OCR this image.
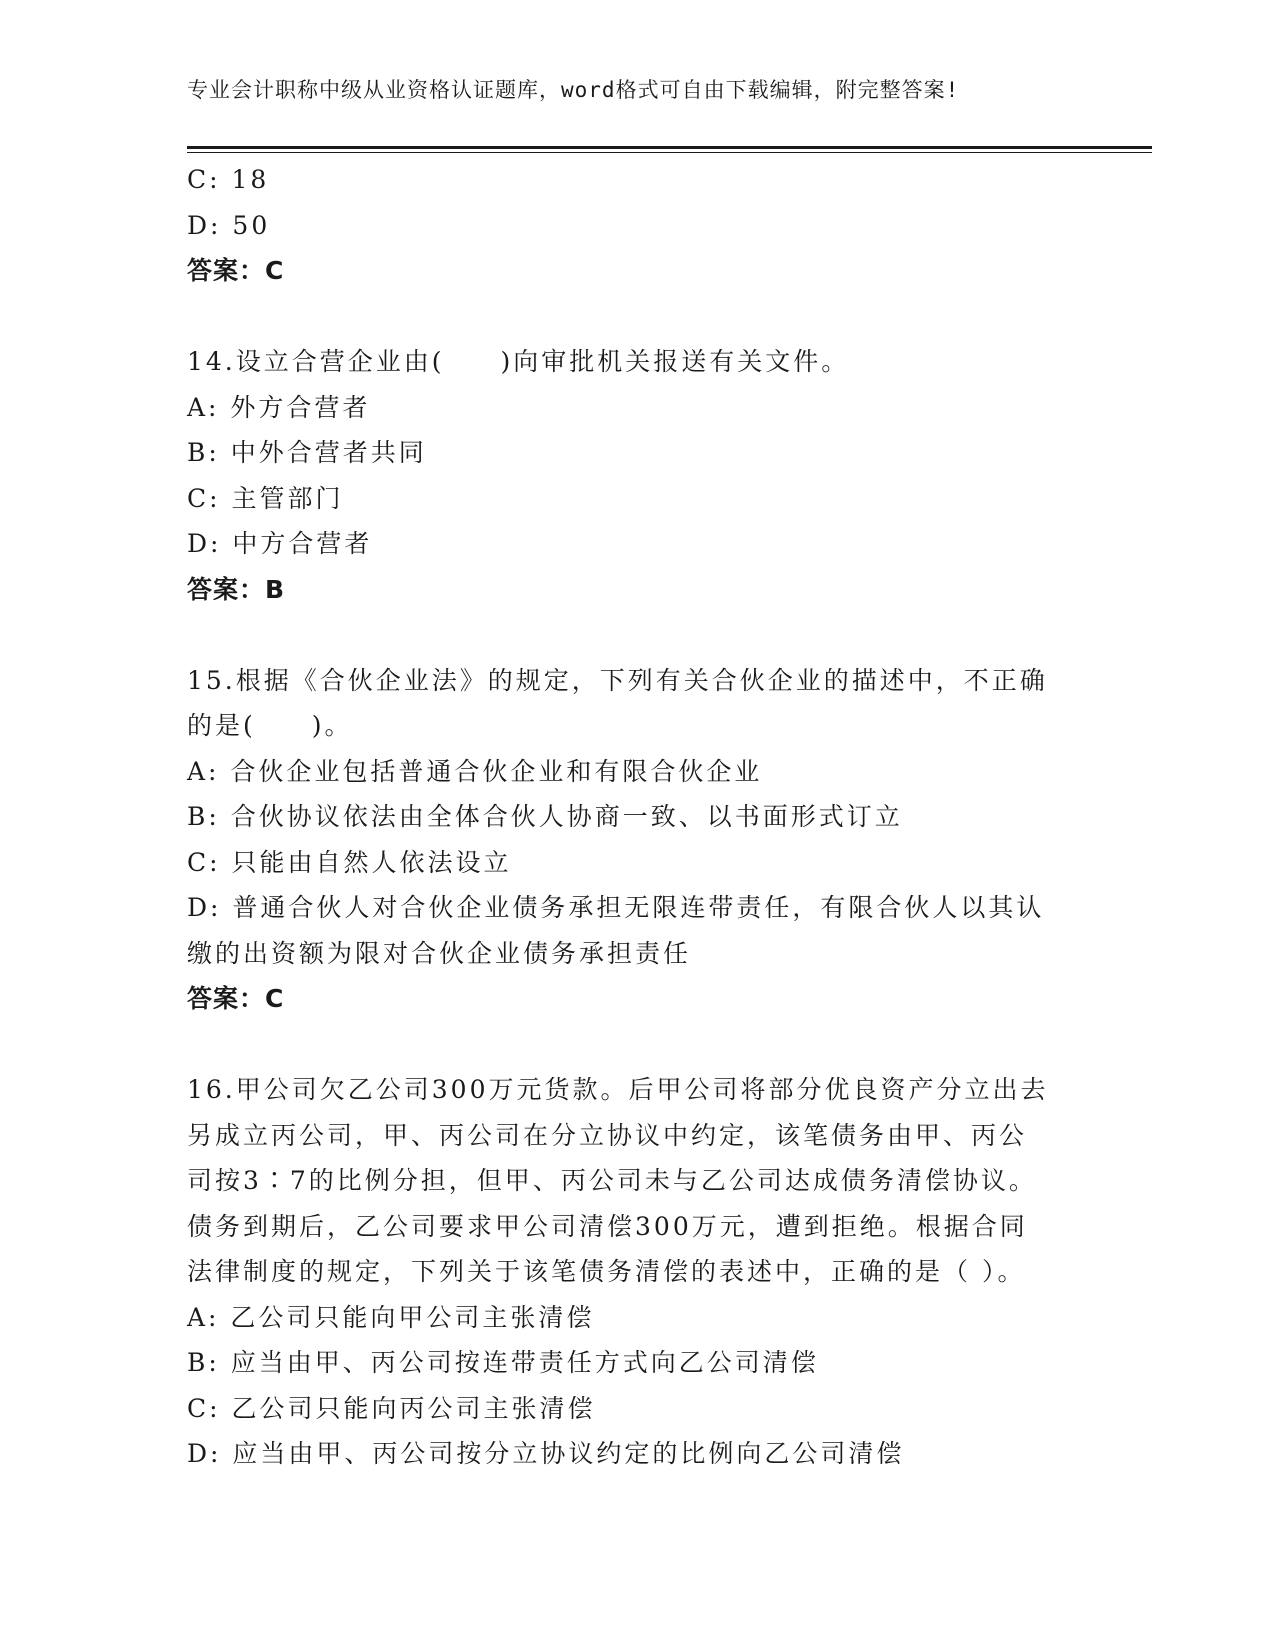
专业会计职称中级从业资格认证题库，word格式可自由下载编辑，附完整答案!

C: 18

D: 50

答案：C

14.设立合营企业由(　　)向审批机关报送有关文件。

A: 外方合营者

B: 中外合营者共同

C: 主管部门

D: 中方合营者

答案：B

15.根据《合伙企业法》的规定，下列有关合伙企业的描述中，不正确

的是(　　)。

A: 合伙企业包括普通合伙企业和有限合伙企业

B: 合伙协议依法由全体合伙人协商一致、以书面形式订立

C: 只能由自然人依法设立

D: 普通合伙人对合伙企业债务承担无限连带责任，有限合伙人以其认

缴的出资额为限对合伙企业债务承担责任

答案：C

16.甲公司欠乙公司300万元货款。后甲公司将部分优良资产分立出去

另成立丙公司，甲、丙公司在分立协议中约定，该笔债务由甲、丙公

司按3∶7的比例分担，但甲、丙公司未与乙公司达成债务清偿协议。

债务到期后，乙公司要求甲公司清偿300万元，遭到拒绝。根据合同

法律制度的规定，下列关于该笔债务清偿的表述中，正确的是（ ）。

A: 乙公司只能向甲公司主张清偿

B: 应当由甲、丙公司按连带责任方式向乙公司清偿

C: 乙公司只能向丙公司主张清偿

D: 应当由甲、丙公司按分立协议约定的比例向乙公司清偿
